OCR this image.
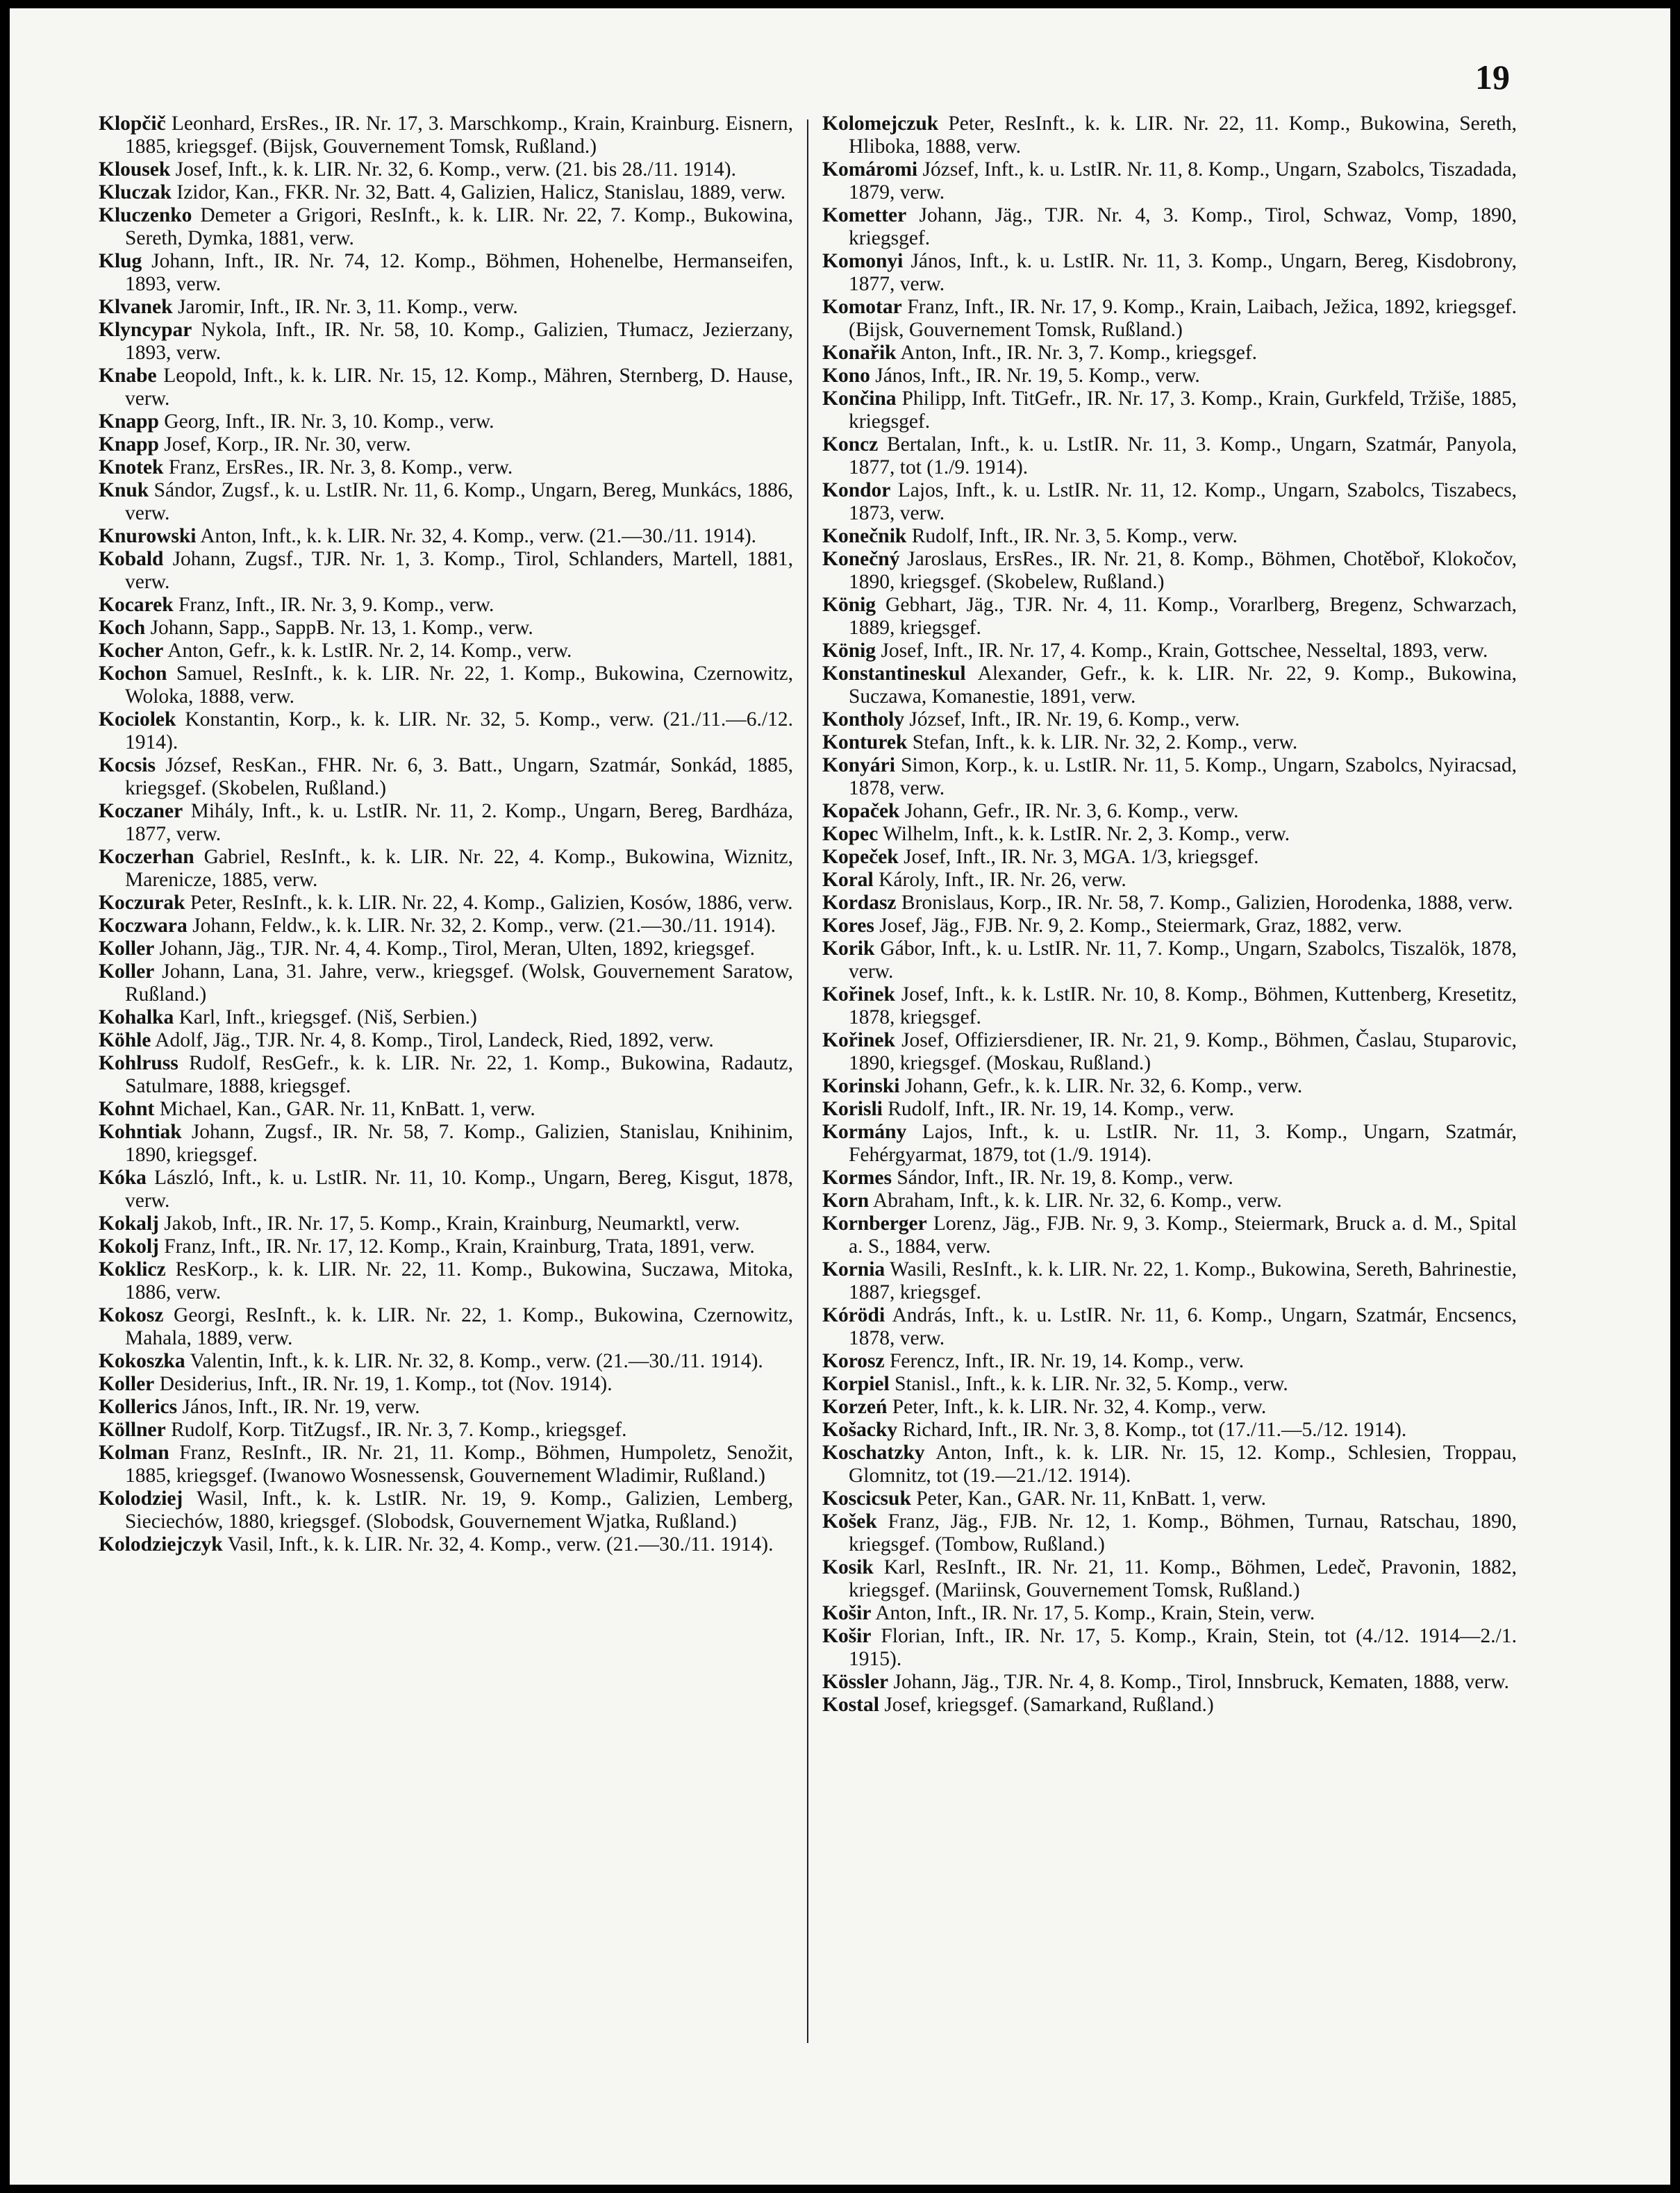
19

Klopčič Leonhard, ErsRes., IR. Nr. 17, 3. Marschkomp., Krain, Krainburg. Eisnern, 1885, kriegsgef. (Bijsk, Gouvernement Tomsk, Rußland.)

Klousek Josef, Inft., k. k. LIR. Nr. 32, 6. Komp., verw. (21. bis 28./11. 1914).

Kluczak Izidor, Kan., FKR. Nr. 32, Batt. 4, Galizien, Halicz, Stanislau, 1889, verw.

Kluczenko Demeter a Grigori, ResInft., k. k. LIR. Nr. 22, 7. Komp., Bukowina, Sereth, Dymka, 1881, verw.

Klug Johann, Inft., IR. Nr. 74, 12. Komp., Böhmen, Hohenelbe, Hermanseifen, 1893, verw.

Klvanek Jaromir, Inft., IR. Nr. 3, 11. Komp., verw.

Klyncypar Nykola, Inft., IR. Nr. 58, 10. Komp., Galizien, Tłumacz, Jezierzany, 1893, verw.

Knabe Leopold, Inft., k. k. LIR. Nr. 15, 12. Komp., Mähren, Sternberg, D. Hause, verw.

Knapp Georg, Inft., IR. Nr. 3, 10. Komp., verw.

Knapp Josef, Korp., IR. Nr. 30, verw.

Knotek Franz, ErsRes., IR. Nr. 3, 8. Komp., verw.

Knuk Sándor, Zugsf., k. u. LstIR. Nr. 11, 6. Komp., Ungarn, Bereg, Munkács, 1886, verw.

Knurowski Anton, Inft., k. k. LIR. Nr. 32, 4. Komp., verw. (21.—30./11. 1914).

Kobald Johann, Zugsf., TJR. Nr. 1, 3. Komp., Tirol, Schlanders, Martell, 1881, verw.

Kocarek Franz, Inft., IR. Nr. 3, 9. Komp., verw.

Koch Johann, Sapp., SappB. Nr. 13, 1. Komp., verw.

Kocher Anton, Gefr., k. k. LstIR. Nr. 2, 14. Komp., verw.

Kochon Samuel, ResInft., k. k. LIR. Nr. 22, 1. Komp., Bukowina, Czernowitz, Woloka, 1888, verw.

Kociolek Konstantin, Korp., k. k. LIR. Nr. 32, 5. Komp., verw. (21./11.—6./12. 1914).

Kocsis József, ResKan., FHR. Nr. 6, 3. Batt., Ungarn, Szatmár, Sonkád, 1885, kriegsgef. (Skobelen, Rußland.)

Koczaner Mihály, Inft., k. u. LstIR. Nr. 11, 2. Komp., Ungarn, Bereg, Bardháza, 1877, verw.

Koczerhan Gabriel, ResInft., k. k. LIR. Nr. 22, 4. Komp., Bukowina, Wiznitz, Marenicze, 1885, verw.

Koczurak Peter, ResInft., k. k. LIR. Nr. 22, 4. Komp., Galizien, Kosów, 1886, verw.

Koczwara Johann, Feldw., k. k. LIR. Nr. 32, 2. Komp., verw. (21.—30./11. 1914).

Koller Johann, Jäg., TJR. Nr. 4, 4. Komp., Tirol, Meran, Ulten, 1892, kriegsgef.

Koller Johann, Lana, 31. Jahre, verw., kriegsgef. (Wolsk, Gouvernement Saratow, Rußland.)

Kohalka Karl, Inft., kriegsgef. (Niš, Serbien.)

Köhle Adolf, Jäg., TJR. Nr. 4, 8. Komp., Tirol, Landeck, Ried, 1892, verw.

Kohlruss Rudolf, ResGefr., k. k. LIR. Nr. 22, 1. Komp., Bukowina, Radautz, Satulmare, 1888, kriegsgef.

Kohnt Michael, Kan., GAR. Nr. 11, KnBatt. 1, verw.

Kohntiak Johann, Zugsf., IR. Nr. 58, 7. Komp., Galizien, Stanislau, Knihinim, 1890, kriegsgef.

Kóka László, Inft., k. u. LstIR. Nr. 11, 10. Komp., Ungarn, Bereg, Kisgut, 1878, verw.

Kokalj Jakob, Inft., IR. Nr. 17, 5. Komp., Krain, Krainburg, Neumarktl, verw.

Kokolj Franz, Inft., IR. Nr. 17, 12. Komp., Krain, Krainburg, Trata, 1891, verw.

Koklicz ResKorp., k. k. LIR. Nr. 22, 11. Komp., Bukowina, Suczawa, Mitoka, 1886, verw.

Kokosz Georgi, ResInft., k. k. LIR. Nr. 22, 1. Komp., Bukowina, Czernowitz, Mahala, 1889, verw.

Kokoszka Valentin, Inft., k. k. LIR. Nr. 32, 8. Komp., verw. (21.—30./11. 1914).

Koller Desiderius, Inft., IR. Nr. 19, 1. Komp., tot (Nov. 1914).

Kollerics János, Inft., IR. Nr. 19, verw.

Köllner Rudolf, Korp. TitZugsf., IR. Nr. 3, 7. Komp., kriegsgef.

Kolman Franz, ResInft., IR. Nr. 21, 11. Komp., Böhmen, Humpoletz, Senožit, 1885, kriegsgef. (Iwanowo Wosnessensk, Gouvernement Wladimir, Rußland.)

Kolodziej Wasil, Inft., k. k. LstIR. Nr. 19, 9. Komp., Galizien, Lemberg, Sieciechów, 1880, kriegsgef. (Slobodsk, Gouvernement Wjatka, Rußland.)

Kolodziejczyk Vasil, Inft., k. k. LIR. Nr. 32, 4. Komp., verw. (21.—30./11. 1914).

Kolomejczuk Peter, ResInft., k. k. LIR. Nr. 22, 11. Komp., Bukowina, Sereth, Hliboka, 1888, verw.

Komáromi József, Inft., k. u. LstIR. Nr. 11, 8. Komp., Ungarn, Szabolcs, Tiszadada, 1879, verw.

Kometter Johann, Jäg., TJR. Nr. 4, 3. Komp., Tirol, Schwaz, Vomp, 1890, kriegsgef.

Komonyi János, Inft., k. u. LstIR. Nr. 11, 3. Komp., Ungarn, Bereg, Kisdobrony, 1877, verw.

Komotar Franz, Inft., IR. Nr. 17, 9. Komp., Krain, Laibach, Ježica, 1892, kriegsgef. (Bijsk, Gouvernement Tomsk, Rußland.)

Konařik Anton, Inft., IR. Nr. 3, 7. Komp., kriegsgef.

Kono János, Inft., IR. Nr. 19, 5. Komp., verw.

Končina Philipp, Inft. TitGefr., IR. Nr. 17, 3. Komp., Krain, Gurkfeld, Tržiše, 1885, kriegsgef.

Koncz Bertalan, Inft., k. u. LstIR. Nr. 11, 3. Komp., Ungarn, Szatmár, Panyola, 1877, tot (1./9. 1914).

Kondor Lajos, Inft., k. u. LstIR. Nr. 11, 12. Komp., Ungarn, Szabolcs, Tiszabecs, 1873, verw.

Konečnik Rudolf, Inft., IR. Nr. 3, 5. Komp., verw.

Konečný Jaroslaus, ErsRes., IR. Nr. 21, 8. Komp., Böhmen, Chotěboř, Klokočov, 1890, kriegsgef. (Skobelew, Rußland.)

König Gebhart, Jäg., TJR. Nr. 4, 11. Komp., Vorarlberg, Bregenz, Schwarzach, 1889, kriegsgef.

König Josef, Inft., IR. Nr. 17, 4. Komp., Krain, Gottschee, Nesseltal, 1893, verw.

Konstantineskul Alexander, Gefr., k. k. LIR. Nr. 22, 9. Komp., Bukowina, Suczawa, Komanestie, 1891, verw.

Kontholy József, Inft., IR. Nr. 19, 6. Komp., verw.

Konturek Stefan, Inft., k. k. LIR. Nr. 32, 2. Komp., verw.

Konyári Simon, Korp., k. u. LstIR. Nr. 11, 5. Komp., Ungarn, Szabolcs, Nyiracsad, 1878, verw.

Kopaček Johann, Gefr., IR. Nr. 3, 6. Komp., verw.

Kopec Wilhelm, Inft., k. k. LstIR. Nr. 2, 3. Komp., verw.

Kopeček Josef, Inft., IR. Nr. 3, MGA. 1/3, kriegsgef.

Koral Károly, Inft., IR. Nr. 26, verw.

Kordasz Bronislaus, Korp., IR. Nr. 58, 7. Komp., Galizien, Horodenka, 1888, verw.

Kores Josef, Jäg., FJB. Nr. 9, 2. Komp., Steiermark, Graz, 1882, verw.

Korik Gábor, Inft., k. u. LstIR. Nr. 11, 7. Komp., Ungarn, Szabolcs, Tiszalök, 1878, verw.

Kořinek Josef, Inft., k. k. LstIR. Nr. 10, 8. Komp., Böhmen, Kuttenberg, Kresetitz, 1878, kriegsgef.

Kořinek Josef, Offiziersdiener, IR. Nr. 21, 9. Komp., Böhmen, Časlau, Stuparovic, 1890, kriegsgef. (Moskau, Rußland.)

Korinski Johann, Gefr., k. k. LIR. Nr. 32, 6. Komp., verw.

Korisli Rudolf, Inft., IR. Nr. 19, 14. Komp., verw.

Kormány Lajos, Inft., k. u. LstIR. Nr. 11, 3. Komp., Ungarn, Szatmár, Fehérgyarmat, 1879, tot (1./9. 1914).

Kormes Sándor, Inft., IR. Nr. 19, 8. Komp., verw.

Korn Abraham, Inft., k. k. LIR. Nr. 32, 6. Komp., verw.

Kornberger Lorenz, Jäg., FJB. Nr. 9, 3. Komp., Steiermark, Bruck a. d. M., Spital a. S., 1884, verw.

Kornia Wasili, ResInft., k. k. LIR. Nr. 22, 1. Komp., Bukowina, Sereth, Bahrinestie, 1887, kriegsgef.

Kórödi András, Inft., k. u. LstIR. Nr. 11, 6. Komp., Ungarn, Szatmár, Encsencs, 1878, verw.

Korosz Ferencz, Inft., IR. Nr. 19, 14. Komp., verw.

Korpiel Stanisl., Inft., k. k. LIR. Nr. 32, 5. Komp., verw.

Korzeń Peter, Inft., k. k. LIR. Nr. 32, 4. Komp., verw.

Košacky Richard, Inft., IR. Nr. 3, 8. Komp., tot (17./11.—5./12. 1914).

Koschatzky Anton, Inft., k. k. LIR. Nr. 15, 12. Komp., Schlesien, Troppau, Glomnitz, tot (19.—21./12. 1914).

Koscicsuk Peter, Kan., GAR. Nr. 11, KnBatt. 1, verw.

Košek Franz, Jäg., FJB. Nr. 12, 1. Komp., Böhmen, Turnau, Ratschau, 1890, kriegsgef. (Tombow, Rußland.)

Kosik Karl, ResInft., IR. Nr. 21, 11. Komp., Böhmen, Ledeč, Pravonin, 1882, kriegsgef. (Mariinsk, Gouvernement Tomsk, Rußland.)

Košir Anton, Inft., IR. Nr. 17, 5. Komp., Krain, Stein, verw.

Košir Florian, Inft., IR. Nr. 17, 5. Komp., Krain, Stein, tot (4./12. 1914—2./1. 1915).

Kössler Johann, Jäg., TJR. Nr. 4, 8. Komp., Tirol, Innsbruck, Kematen, 1888, verw.

Kostal Josef, kriegsgef. (Samarkand, Rußland.)
